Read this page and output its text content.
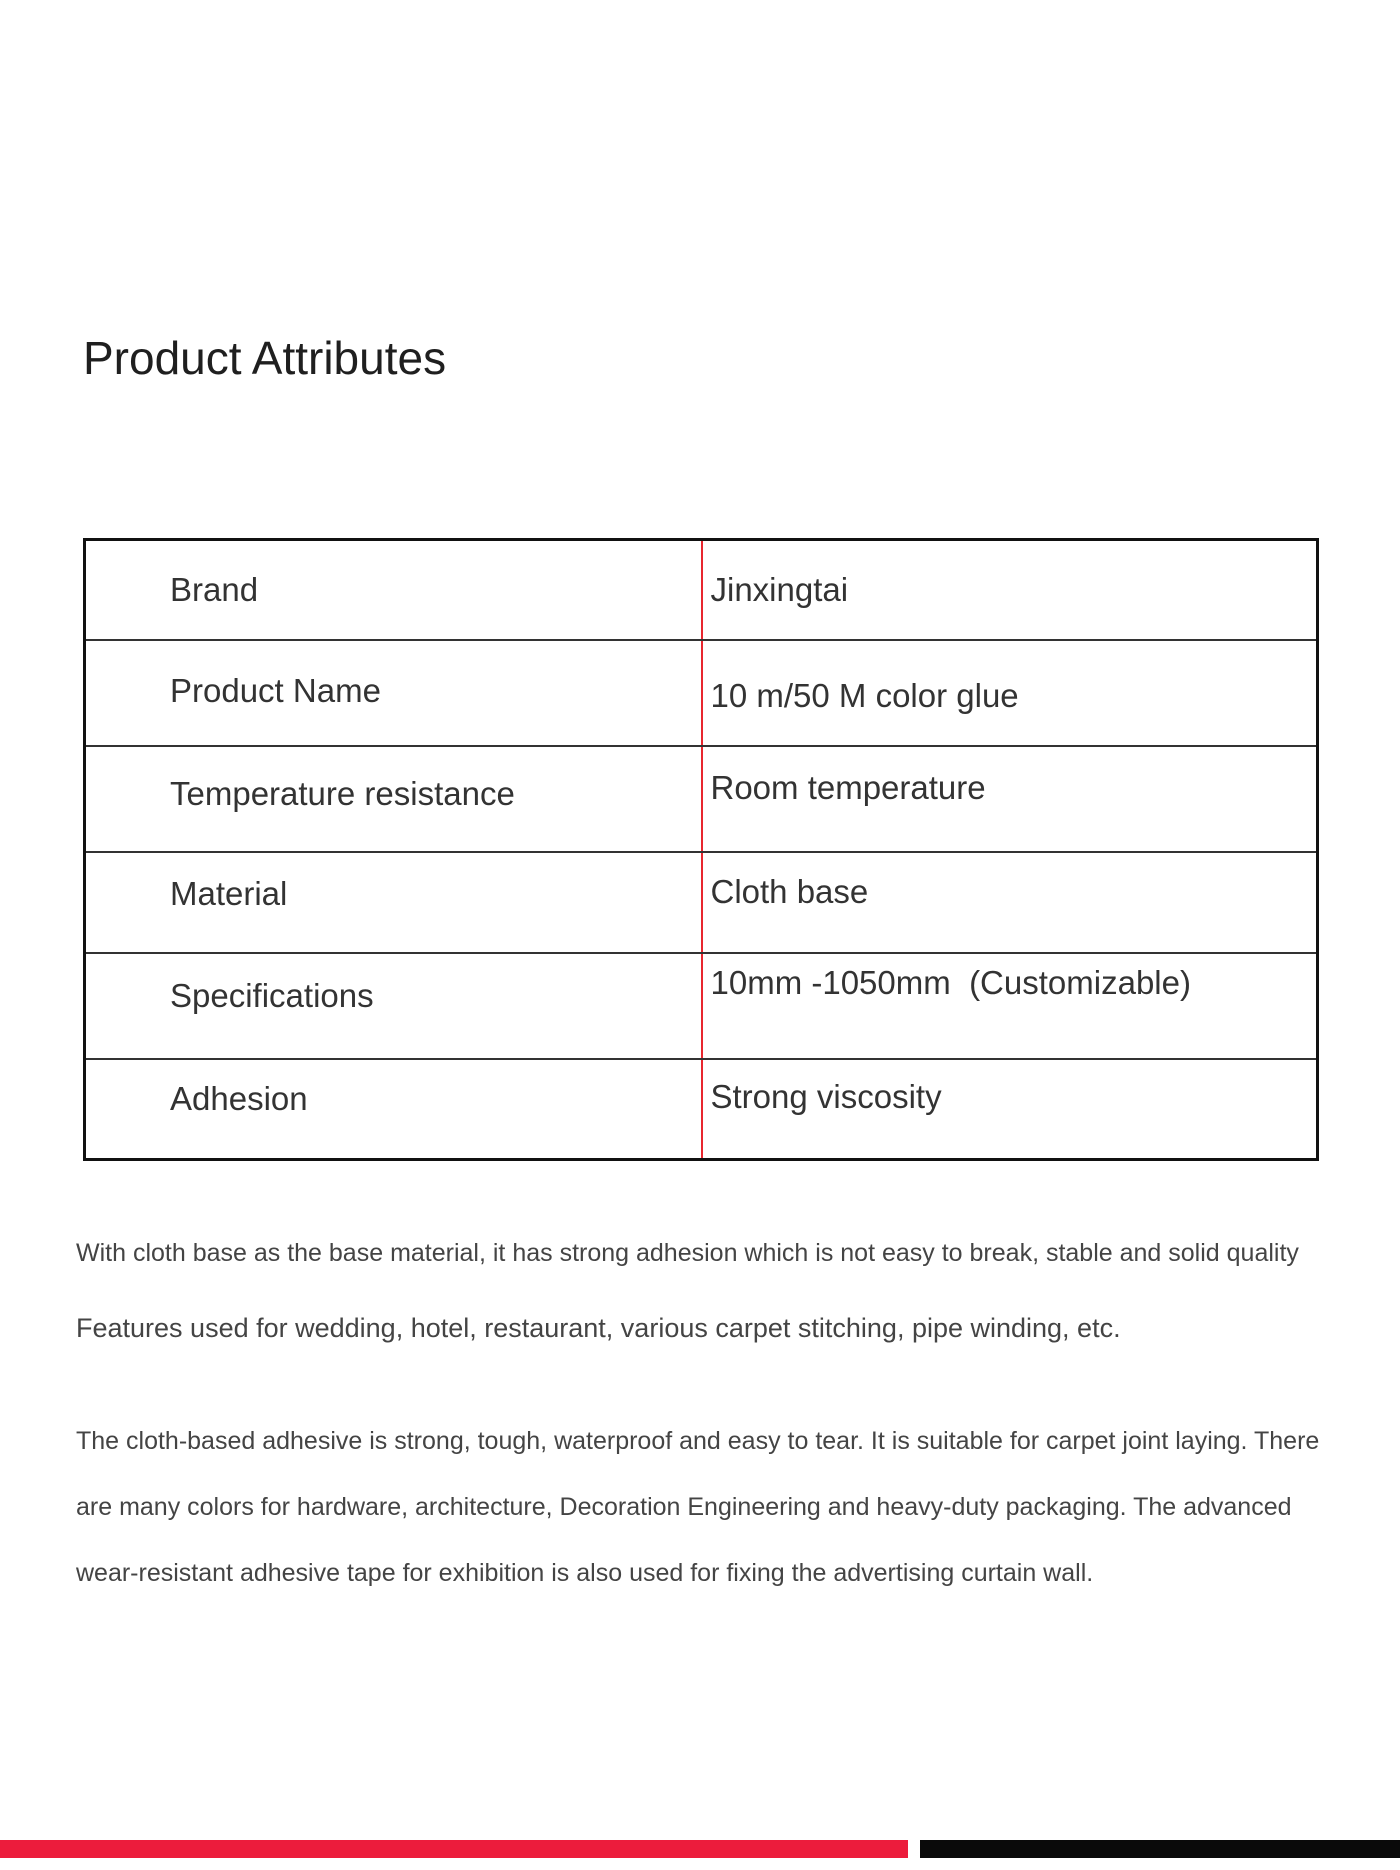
Product Attributes
Brand	Jinxingtai

Product Name	10 m/50 M color glue

Temperature resistance	Room temperature

Material	Cloth base

Specifications	10mm -1050mm  (Customizable)

Adhesion	Strong viscosity

With cloth base as the base material, it has strong adhesion which is not easy to break, stable and solid quality

Features used for wedding, hotel, restaurant, various carpet stitching, pipe winding, etc.

The cloth-based adhesive is strong, tough, waterproof and easy to tear. It is suitable for carpet joint laying. There are many colors for hardware, architecture, Decoration Engineering and heavy-duty packaging. The advanced wear-resistant adhesive tape for exhibition is also used for fixing the advertising curtain wall.
